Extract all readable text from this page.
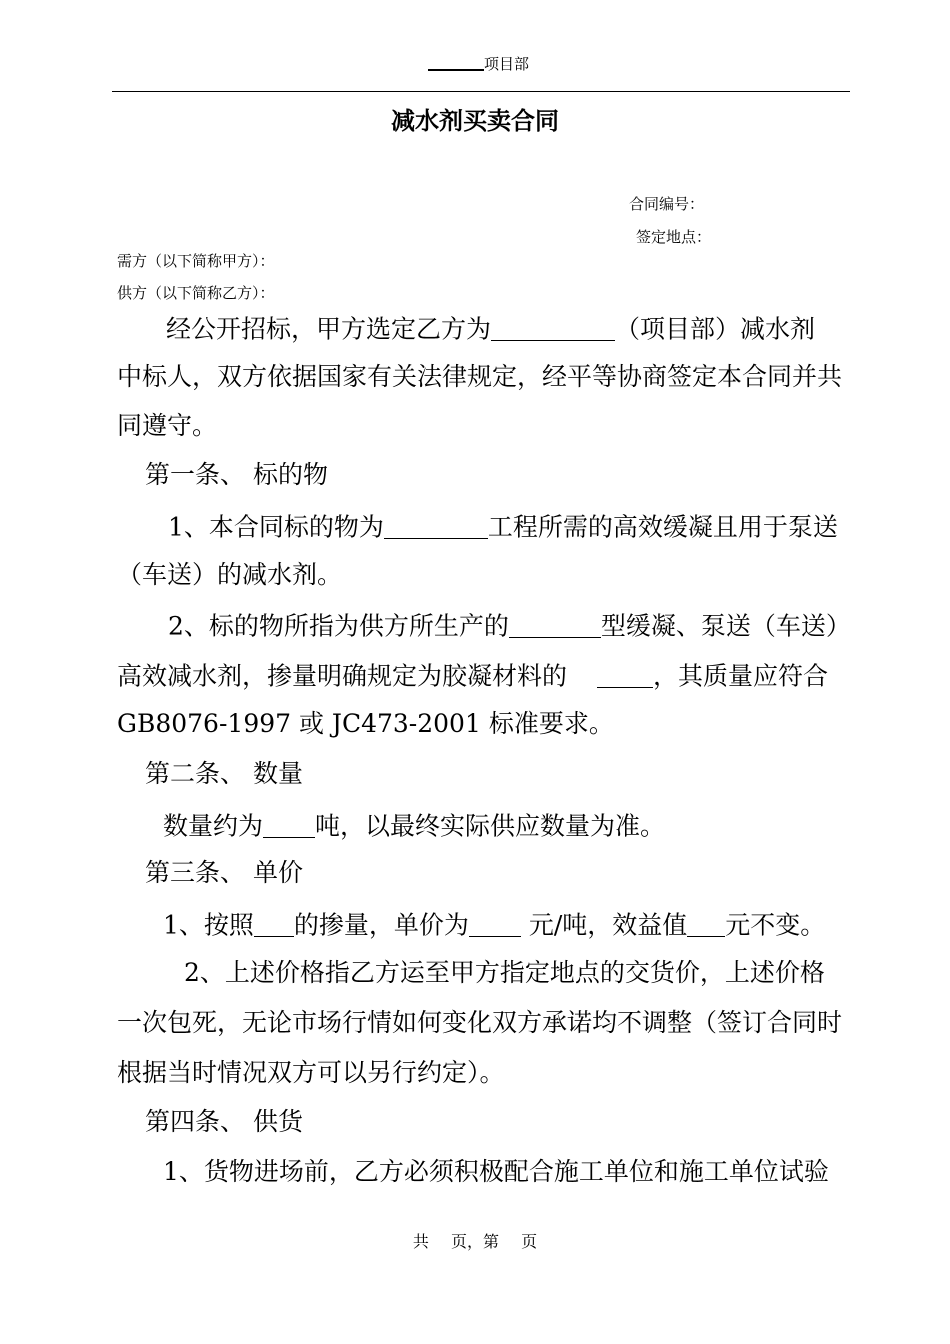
项目部
减水剂买卖合同
合同编号：
签定地点：
需方（以下简称甲方）：
供方（以下简称乙方）：
经公开招标，甲方选定乙方为	（项目部）减水剂
中标人，双方依据国家有关法律规定，经平等协商签定本合同并共
同遵守。
第一条、 标的物
1、本合同标的物为	工程所需的高效缓凝且用于泵送
（车送）的减水剂。
2、标的物所指为供方所生产的	型缓凝、泵送（车送）
高效减水剂，掺量明确规定为胶凝材料的	，其质量应符合
GB8076-1997 或 JC473-2001 标准要求。
第二条、 数量
数量约为 吨，以最终实际供应数量为准。
第三条、 单价
1、按照 的掺量，单价为 元/吨，效益值 元不变。
2、上述价格指乙方运至甲方指定地点的交货价，上述价格
一次包死，无论市场行情如何变化双方承诺均不调整（签订合同时
根据当时情况双方可以另行约定）。
第四条、 供货
1、货物进场前，乙方必须积极配合施工单位和施工单位试验
共 页，第 页
